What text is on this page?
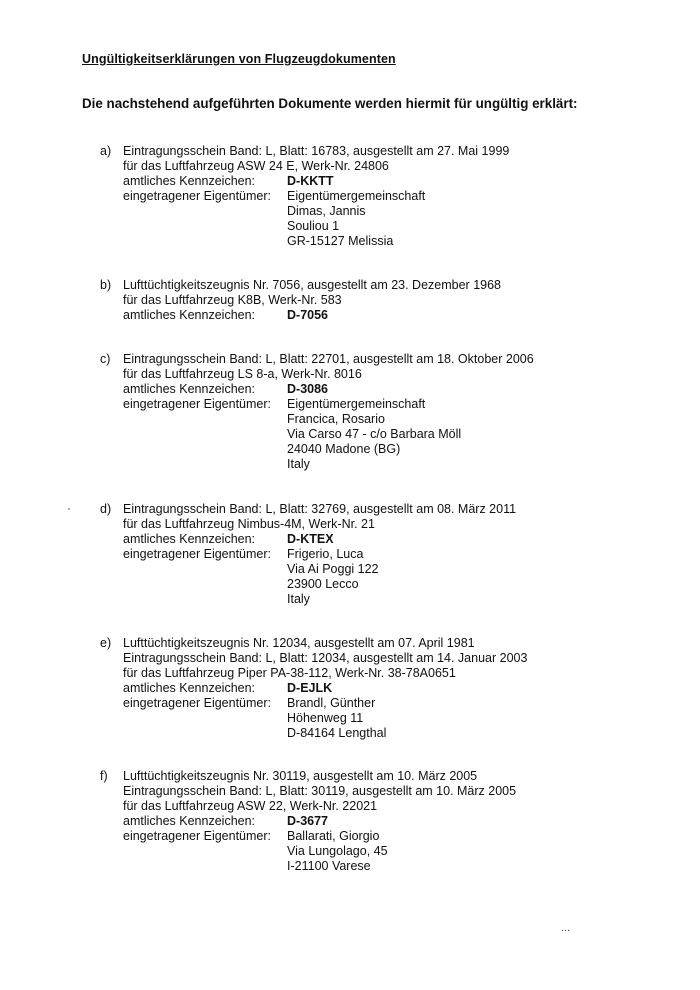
Ungültigkeitserklärungen von Flugzeugdokumenten
Die nachstehend aufgeführten Dokumente werden hiermit für ungültig erklärt:
a) Eintragungsschein Band: L, Blatt: 16783, ausgestellt am 27. Mai 1999
für das Luftfahrzeug ASW 24 E, Werk-Nr. 24806
amtliches Kennzeichen:	D-KKTT
eingetragener Eigentümer: Eigentümergemeinschaft
Dimas, Jannis
Souliou 1
GR-15127 Melissia
b) Lufttüchtigkeitszeugnis Nr. 7056, ausgestellt am 23. Dezember 1968
für das Luftfahrzeug K8B, Werk-Nr. 583
amtliches Kennzeichen:	D-7056
c) Eintragungsschein Band: L, Blatt: 22701, ausgestellt am 18. Oktober 2006
für das Luftfahrzeug LS 8-a, Werk-Nr. 8016
amtliches Kennzeichen:	D-3086
eingetragener Eigentümer: Eigentümergemeinschaft
Francica, Rosario
Via Carso 47 - c/o Barbara Möll
24040 Madone (BG)
Italy
d) Eintragungsschein Band: L, Blatt: 32769, ausgestellt am 08. März 2011
für das Luftfahrzeug Nimbus-4M, Werk-Nr. 21
amtliches Kennzeichen:	D-KTEX
eingetragener Eigentümer: Frigerio, Luca
Via Ai Poggi 122
23900 Lecco
Italy
e) Lufttüchtigkeitszeugnis Nr. 12034, ausgestellt am 07. April 1981
Eintragungsschein Band: L, Blatt: 12034, ausgestellt am 14. Januar 2003
für das Luftfahrzeug Piper PA-38-112, Werk-Nr. 38-78A0651
amtliches Kennzeichen:	D-EJLK
eingetragener Eigentümer: Brandl, Günther
Höhenweg 11
D-84164 Lengthal
f) Lufttüchtigkeitszeugnis Nr. 30119, ausgestellt am 10. März 2005
Eintragungsschein Band: L, Blatt: 30119, ausgestellt am 10. März 2005
für das Luftfahrzeug ASW 22, Werk-Nr. 22021
amtliches Kennzeichen:	D-3677
eingetragener Eigentümer: Ballarati, Giorgio
Via Lungolago, 45
I-21100 Varese
...
